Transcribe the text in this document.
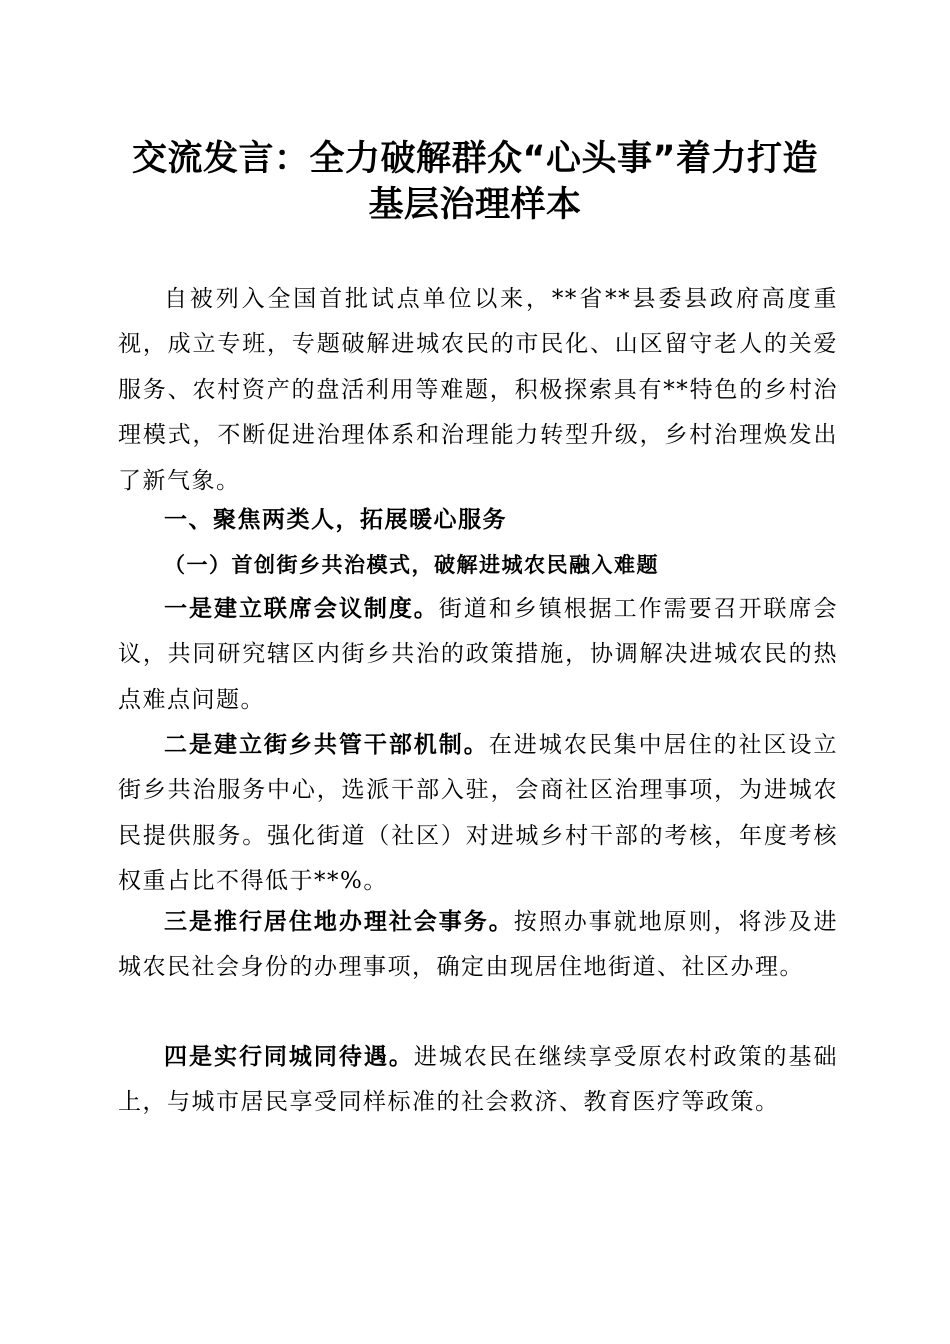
交流发言：全力破解群众“心头事”着力打造
基层治理样本

自被列入全国首批试点单位以来，**省**县委县政府高度重视，成立专班，专题破解进城农民的市民化、山区留守老人的关爱服务、农村资产的盘活利用等难题，积极探索具有**特色的乡村治理模式，不断促进治理体系和治理能力转型升级，乡村治理焕发出了新气象。

一、聚焦两类人，拓展暖心服务
（一）首创街乡共治模式，破解进城农民融入难题

一是建立联席会议制度。街道和乡镇根据工作需要召开联席会议，共同研究辖区内街乡共治的政策措施，协调解决进城农民的热点难点问题。

二是建立街乡共管干部机制。在进城农民集中居住的社区设立街乡共治服务中心，选派干部入驻，会商社区治理事项，为进城农民提供服务。强化街道（社区）对进城乡村干部的考核，年度考核权重占比不得低于**%。

三是推行居住地办理社会事务。按照办事就地原则，将涉及进城农民社会身份的办理事项，确定由现居住地街道、社区办理。

四是实行同城同待遇。进城农民在继续享受原农村政策的基础上，与城市居民享受同样标准的社会救济、教育医疗等政策。
